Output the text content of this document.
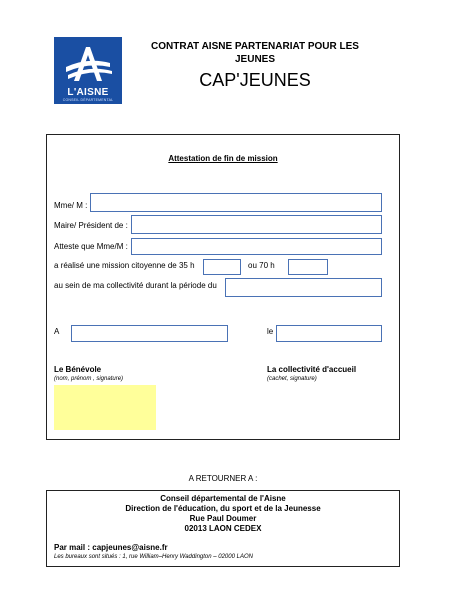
L'AISNE
CONSEIL DÉPARTEMENTAL
CONTRAT AISNE PARTENARIAT POUR LES
JEUNES
CAP'JEUNES
Attestation de fin de mission
Mme/ M :
Maire/ Président de :
Atteste que Mme/M :
a réalisé une mission citoyenne de 35 h	ou 70 h
au sein de ma collectivité durant la période du
A	le
Le Bénévole
(nom, prénom , signature)
La collectivité d'accueil
(cachet, signature)
A RETOURNER A :
Conseil départemental de l'Aisne
Direction de l'éducation, du sport et de la Jeunesse
Rue Paul Doumer
02013 LAON CEDEX
Par mail : capjeunes@aisne.fr
Les bureaux sont situés : 1, rue William–Henry Waddington – 02000 LAON
